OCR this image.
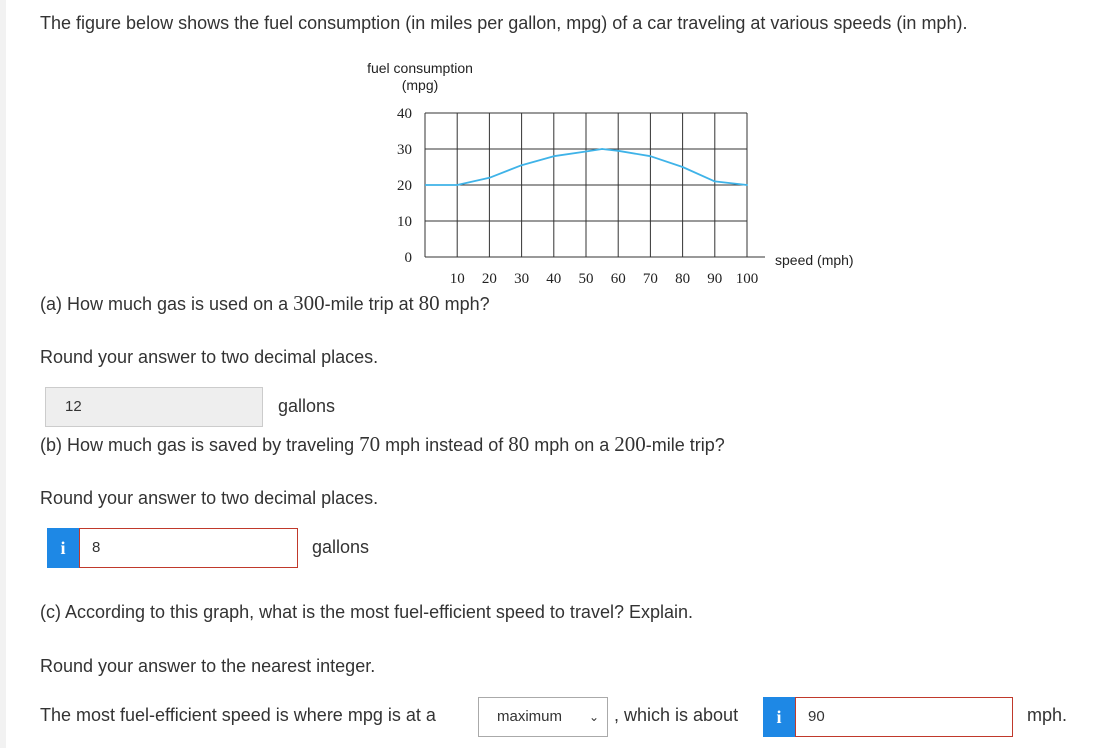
The figure below shows the fuel consumption (in miles per gallon, mpg) of a car traveling at various speeds (in mph).
fuel consumption
(mpg)
speed (mph)
0
10
20
30
40
10 20 30 40 50 60 70 80 90 100
(a) How much gas is used on a 300-mile trip at 80 mph?
Round your answer to two decimal places.
12	gallons
(b) How much gas is saved by traveling 70 mph instead of 80 mph on a 200-mile trip?
Round your answer to two decimal places.
i	8	gallons
(c) According to this graph, what is the most fuel-efficient speed to travel? Explain.
Round your answer to the nearest integer.
The most fuel-efficient speed is where mpg is at a	maximum ⌄ , which is about	i	90	mph.
